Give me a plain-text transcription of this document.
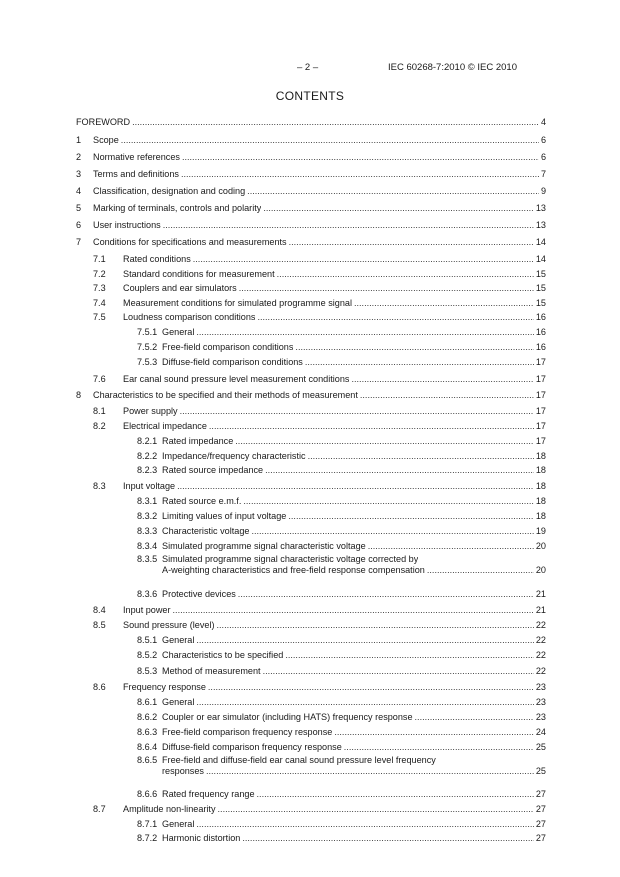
– 2 –	IEC 60268-7:2010 © IEC 2010
CONTENTS
FOREWORD .....	4
1 Scope .....	6
2 Normative references .....	6
3 Terms and definitions .....	7
4 Classification, designation and coding .....	9
5 Marking of terminals, controls and polarity .....	13
6 User instructions .....	13
7 Conditions for specifications and measurements .....	14
7.1 Rated conditions .....	14
7.2 Standard conditions for measurement .....	15
7.3 Couplers and ear simulators .....	15
7.4 Measurement conditions for simulated programme signal .....	15
7.5 Loudness comparison conditions .....	16
7.5.1 General .....	16
7.5.2 Free-field comparison conditions .....	16
7.5.3 Diffuse-field comparison conditions .....	17
7.6 Ear canal sound pressure level measurement conditions .....	17
8 Characteristics to be specified and their methods of measurement .....	17
8.1 Power supply .....	17
8.2 Electrical impedance .....	17
8.2.1 Rated impedance .....	17
8.2.2 Impedance/frequency characteristic .....	18
8.2.3 Rated source impedance .....	18
8.3 Input voltage .....	18
8.3.1 Rated source e.m.f. .....	18
8.3.2 Limiting values of input voltage .....	18
8.3.3 Characteristic voltage .....	19
8.3.4 Simulated programme signal characteristic voltage .....	20
8.3.5 Simulated programme signal characteristic voltage corrected by
A-weighting characteristics and free-field response compensation .....	20
8.3.6 Protective devices .....	21
8.4 Input power .....	21
8.5 Sound pressure (level) .....	22
8.5.1 General .....	22
8.5.2 Characteristics to be specified .....	22
8.5.3 Method of measurement .....	22
8.6 Frequency response .....	23
8.6.1 General .....	23
8.6.2 Coupler or ear simulator (including HATS) frequency response .....	23
8.6.3 Free-field comparison frequency response .....	24
8.6.4 Diffuse-field comparison frequency response .....	25
8.6.5 Free-field and diffuse-field ear canal sound pressure level frequency
responses .....	25
8.6.6 Rated frequency range .....	27
8.7 Amplitude non-linearity .....	27
8.7.1 General .....	27
8.7.2 Harmonic distortion .....	27
